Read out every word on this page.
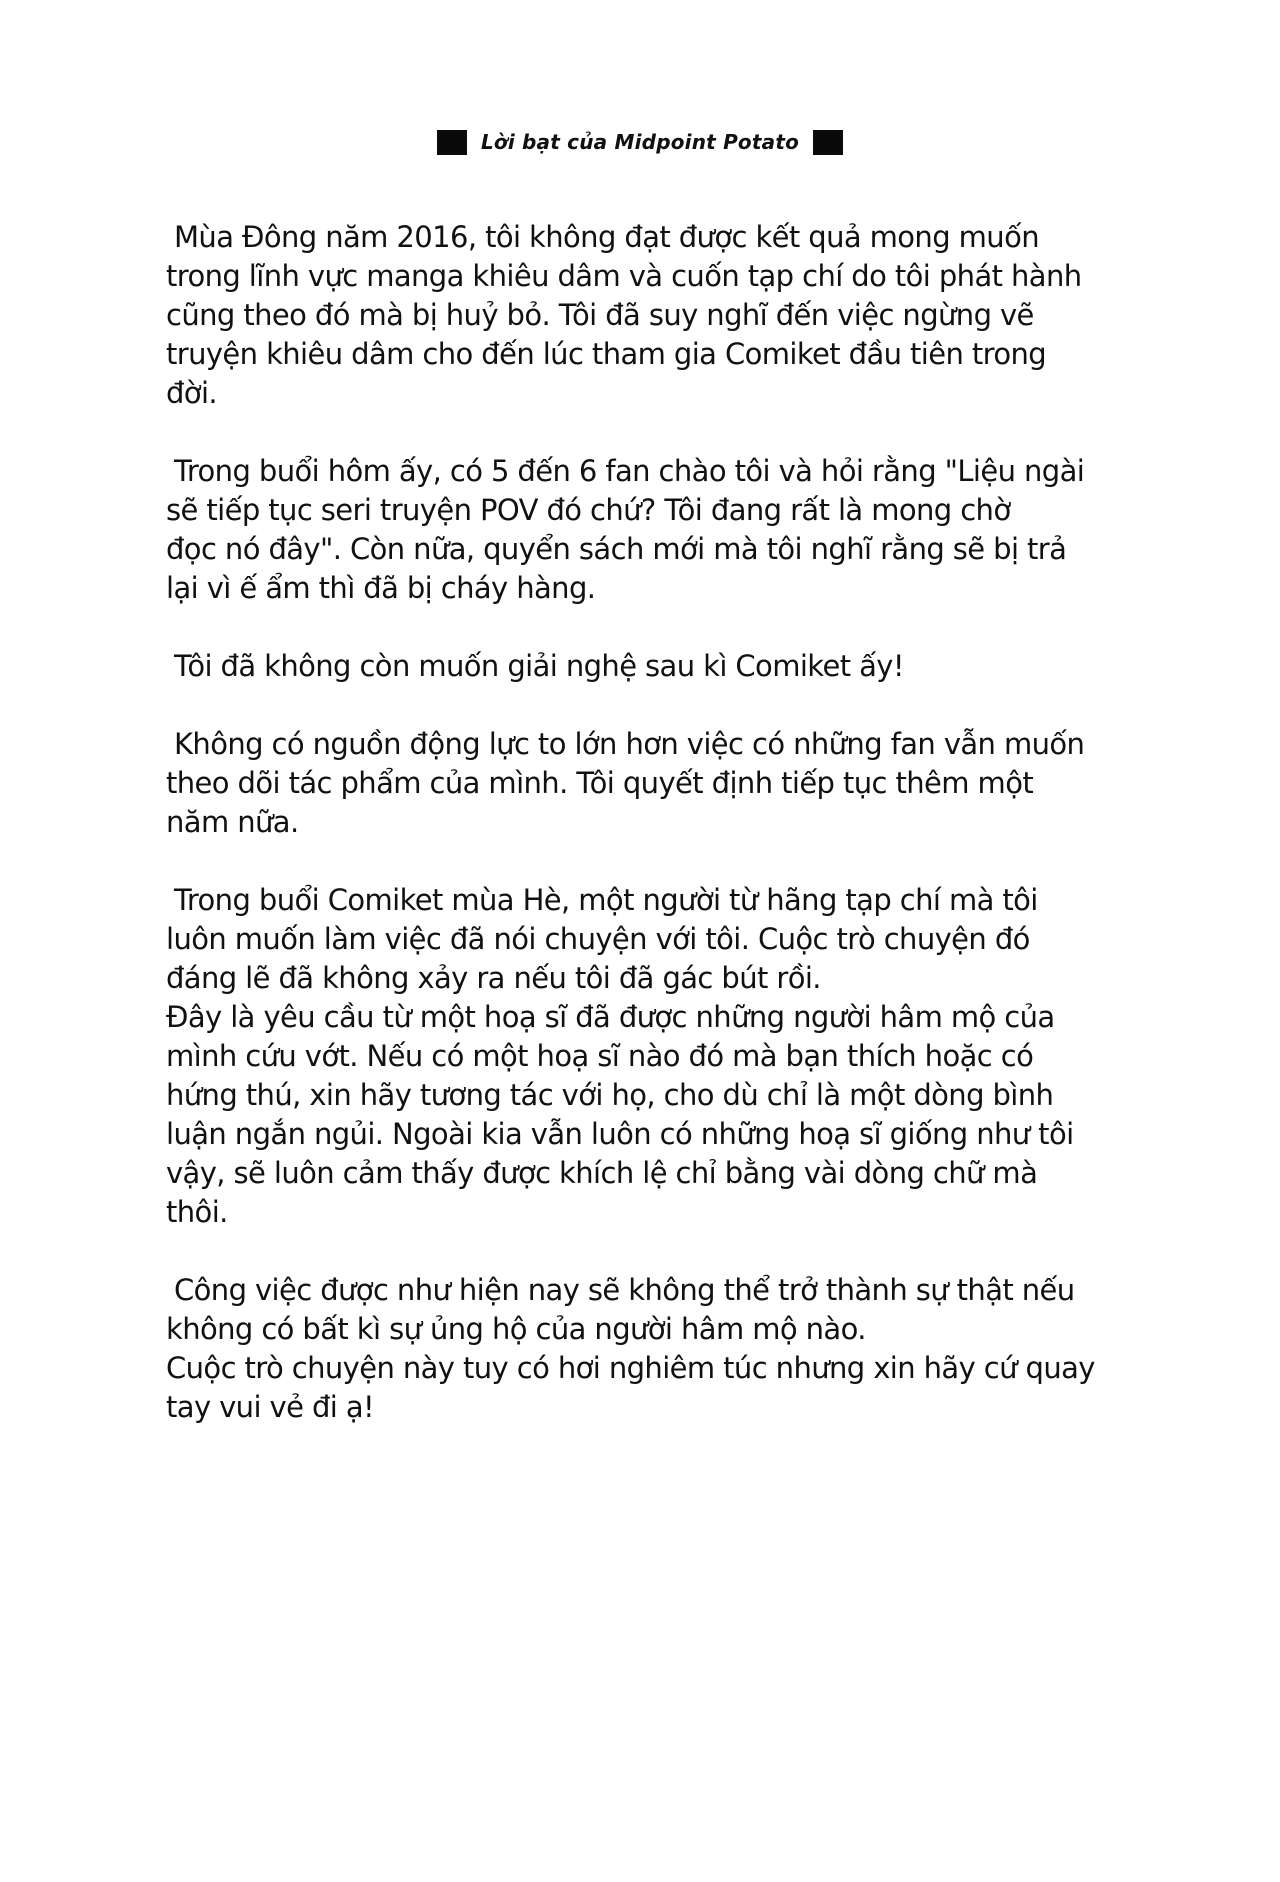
Lời bạt của Midpoint Potato
Mùa Đông năm 2016, tôi không đạt được kết quả mong muốn
trong lĩnh vực manga khiêu dâm và cuốn tạp chí do tôi phát hành
cũng theo đó mà bị huỷ bỏ. Tôi đã suy nghĩ đến việc ngừng vẽ
truyện khiêu dâm cho đến lúc tham gia Comiket đầu tiên trong
đời.
Trong buổi hôm ấy, có 5 đến 6 fan chào tôi và hỏi rằng "Liệu ngài
sẽ tiếp tục seri truyện POV đó chứ? Tôi đang rất là mong chờ
đọc nó đây". Còn nữa, quyển sách mới mà tôi nghĩ rằng sẽ bị trả
lại vì ế ẩm thì đã bị cháy hàng.
Tôi đã không còn muốn giải nghệ sau kì Comiket ấy!
Không có nguồn động lực to lớn hơn việc có những fan vẫn muốn
theo dõi tác phẩm của mình. Tôi quyết định tiếp tục thêm một
năm nữa.
Trong buổi Comiket mùa Hè, một người từ hãng tạp chí mà tôi
luôn muốn làm việc đã nói chuyện với tôi. Cuộc trò chuyện đó
đáng lẽ đã không xảy ra nếu tôi đã gác bút rồi.
Đây là yêu cầu từ một hoạ sĩ đã được những người hâm mộ của
mình cứu vớt. Nếu có một hoạ sĩ nào đó mà bạn thích hoặc có
hứng thú, xin hãy tương tác với họ, cho dù chỉ là một dòng bình
luận ngắn ngủi. Ngoài kia vẫn luôn có những hoạ sĩ giống như tôi
vậy, sẽ luôn cảm thấy được khích lệ chỉ bằng vài dòng chữ mà
thôi.
Công việc được như hiện nay sẽ không thể trở thành sự thật nếu
không có bất kì sự ủng hộ của người hâm mộ nào.
Cuộc trò chuyện này tuy có hơi nghiêm túc nhưng xin hãy cứ quay
tay vui vẻ đi ạ!
